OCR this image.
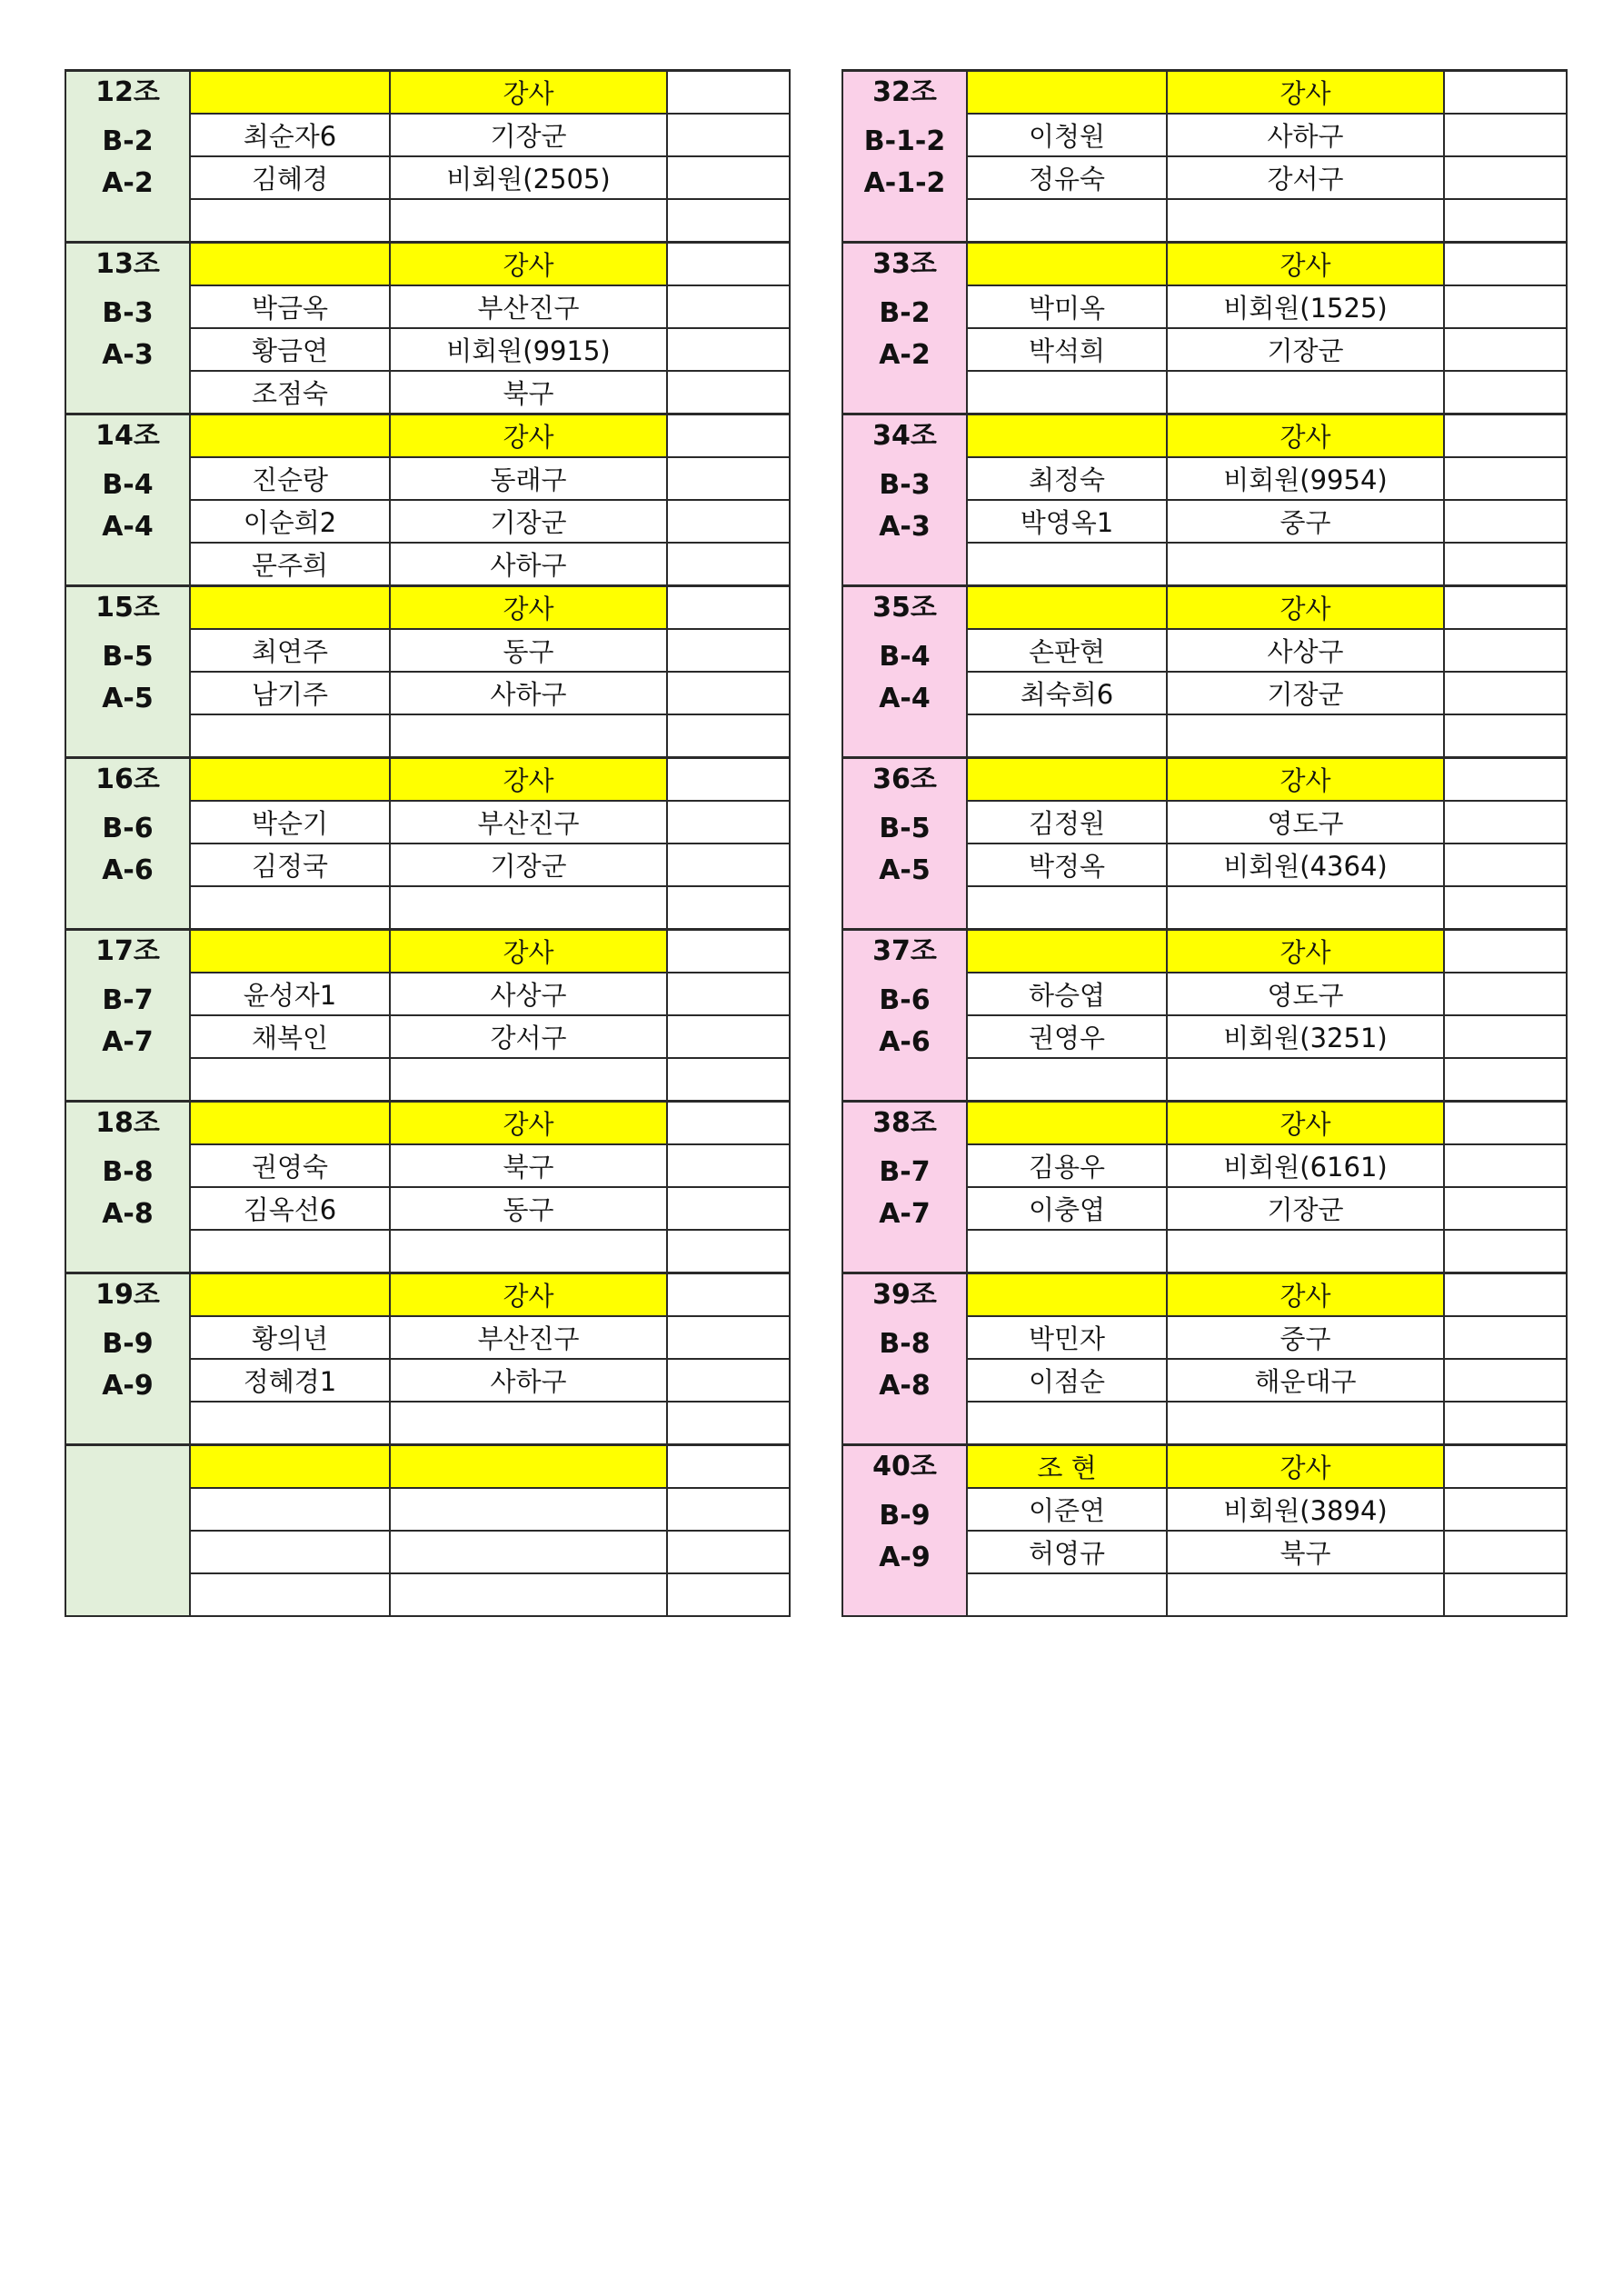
12조
B-2
A-2		강사	
	최순자6	기장군	
	김혜경	비회원(2505)	

13조
B-3
A-3		강사	
	박금옥	부산진구	
	황금연	비회원(9915)	
	조점숙	북구	

14조
B-4
A-4		강사	
	진순랑	동래구	
	이순희2	기장군	
	문주희	사하구	

15조
B-5
A-5		강사	
	최연주	동구	
	남기주	사하구	

16조
B-6
A-6		강사	
	박순기	부산진구	
	김정국	기장군	

17조
B-7
A-7		강사	
	윤성자1	사상구	
	채복인	강서구	

18조
B-8
A-8		강사	
	권영숙	북구	
	김옥선6	동구	

19조
B-9
A-9		강사	
	황의년	부산진구	
	정혜경1	사하구	

32조
B-1-2
A-1-2		강사	
	이청원	사하구	
	정유숙	강서구	

33조
B-2
A-2		강사	
	박미옥	비회원(1525)	
	박석희	기장군	

34조
B-3
A-3		강사	
	최정숙	비회원(9954)	
	박영옥1	중구	

35조
B-4
A-4		강사	
	손판현	사상구	
	최숙희6	기장군	

36조
B-5
A-5		강사	
	김정원	영도구	
	박정옥	비회원(4364)	

37조
B-6
A-6		강사	
	하승엽	영도구	
	권영우	비회원(3251)	

38조
B-7
A-7		강사	
	김용우	비회원(6161)	
	이충엽	기장군	

39조
B-8
A-8		강사	
	박민자	중구	
	이점순	해운대구	

40조
B-9
A-9	조 현	강사	
	이준연	비회원(3894)	
	허영규	북구	
